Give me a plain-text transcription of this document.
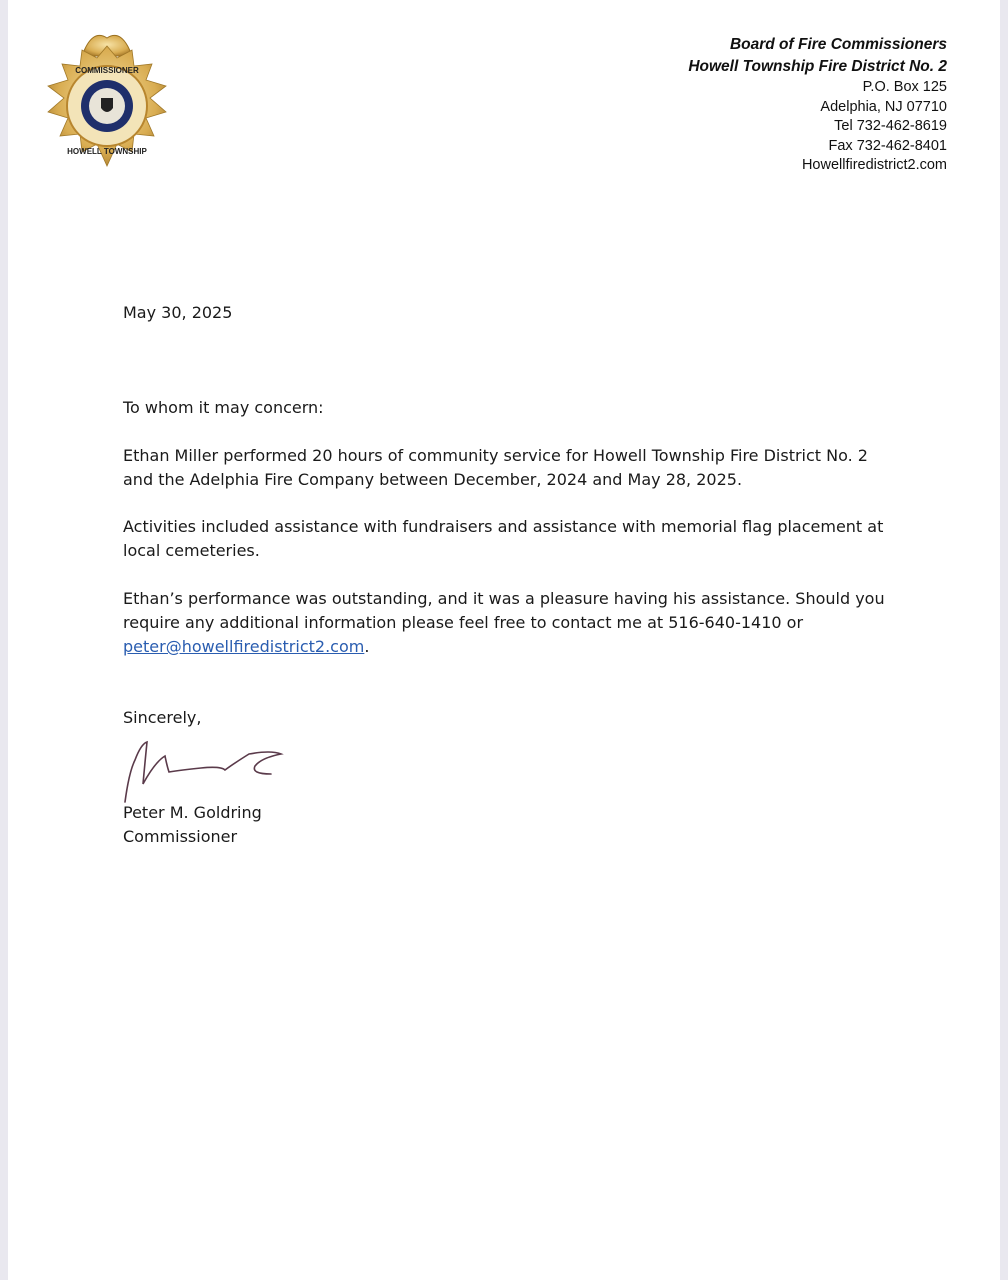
COMMISSIONER
HOWELL TOWNSHIP
Board of Fire Commissioners
Howell Township Fire District No. 2
P.O. Box 125
Adelphia, NJ 07710
Tel 732-462-8619
Fax 732-462-8401
Howellfiredistrict2.com

May 30, 2025

To whom it may concern:

Ethan Miller performed 20 hours of community service for Howell Township Fire District No. 2 and the Adelphia Fire Company between December, 2024 and May 28, 2025.

Activities included assistance with fundraisers and assistance with memorial flag placement at local cemeteries.

Ethan’s performance was outstanding, and it was a pleasure having his assistance. Should you require any additional information please feel free to contact me at 516-640-1410 or peter@howellfiredistrict2.com.

Sincerely,

Peter M. Goldring

Commissioner
